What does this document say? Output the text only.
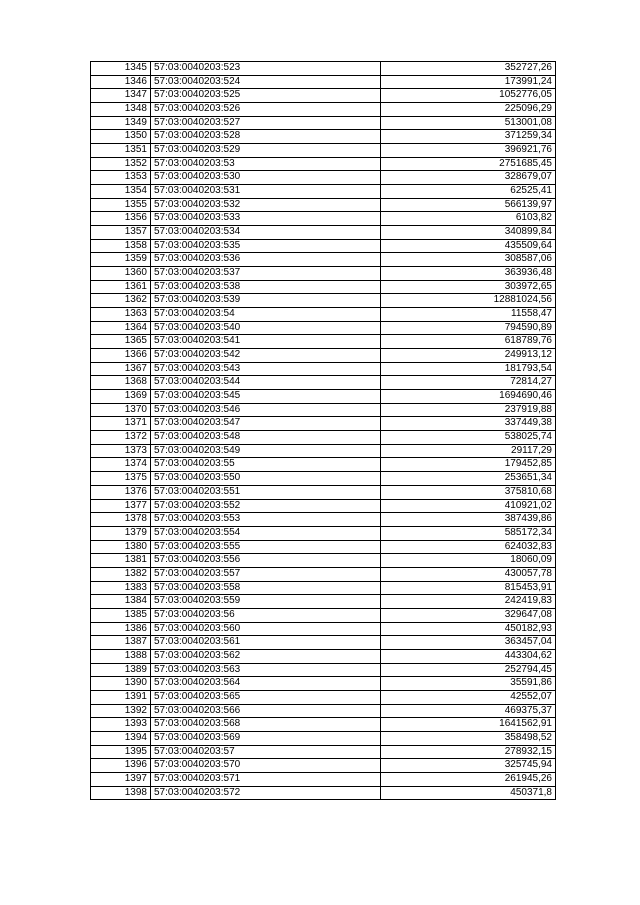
1345	57:03:0040203:523	352727,26
1346	57:03:0040203:524	173991,24
1347	57:03:0040203:525	1052776,05
1348	57:03:0040203:526	225096,29
1349	57:03:0040203:527	513001,08
1350	57:03:0040203:528	371259,34
1351	57:03:0040203:529	396921,76
1352	57:03:0040203:53	2751685,45
1353	57:03:0040203:530	328679,07
1354	57:03:0040203:531	62525,41
1355	57:03:0040203:532	566139,97
1356	57:03:0040203:533	6103,82
1357	57:03:0040203:534	340899,84
1358	57:03:0040203:535	435509,64
1359	57:03:0040203:536	308587,06
1360	57:03:0040203:537	363936,48
1361	57:03:0040203:538	303972,65
1362	57:03:0040203:539	12881024,56
1363	57:03:0040203:54	11558,47
1364	57:03:0040203:540	794590,89
1365	57:03:0040203:541	618789,76
1366	57:03:0040203:542	249913,12
1367	57:03:0040203:543	181793,54
1368	57:03:0040203:544	72814,27
1369	57:03:0040203:545	1694690,46
1370	57:03:0040203:546	237919,88
1371	57:03:0040203:547	337449,38
1372	57:03:0040203:548	538025,74
1373	57:03:0040203:549	29117,29
1374	57:03:0040203:55	179452,85
1375	57:03:0040203:550	253651,34
1376	57:03:0040203:551	375810,68
1377	57:03:0040203:552	410921,02
1378	57:03:0040203:553	387439,86
1379	57:03:0040203:554	585172,34
1380	57:03:0040203:555	624032,83
1381	57:03:0040203:556	18060,09
1382	57:03:0040203:557	430057,78
1383	57:03:0040203:558	815453,91
1384	57:03:0040203:559	242419,83
1385	57:03:0040203:56	329647,08
1386	57:03:0040203:560	450182,93
1387	57:03:0040203:561	363457,04
1388	57:03:0040203:562	443304,62
1389	57:03:0040203:563	252794,45
1390	57:03:0040203:564	35591,86
1391	57:03:0040203:565	42552,07
1392	57:03:0040203:566	469375,37
1393	57:03:0040203:568	1641562,91
1394	57:03:0040203:569	358498,52
1395	57:03:0040203:57	278932,15
1396	57:03:0040203:570	325745,94
1397	57:03:0040203:571	261945,26
1398	57:03:0040203:572	450371,8
